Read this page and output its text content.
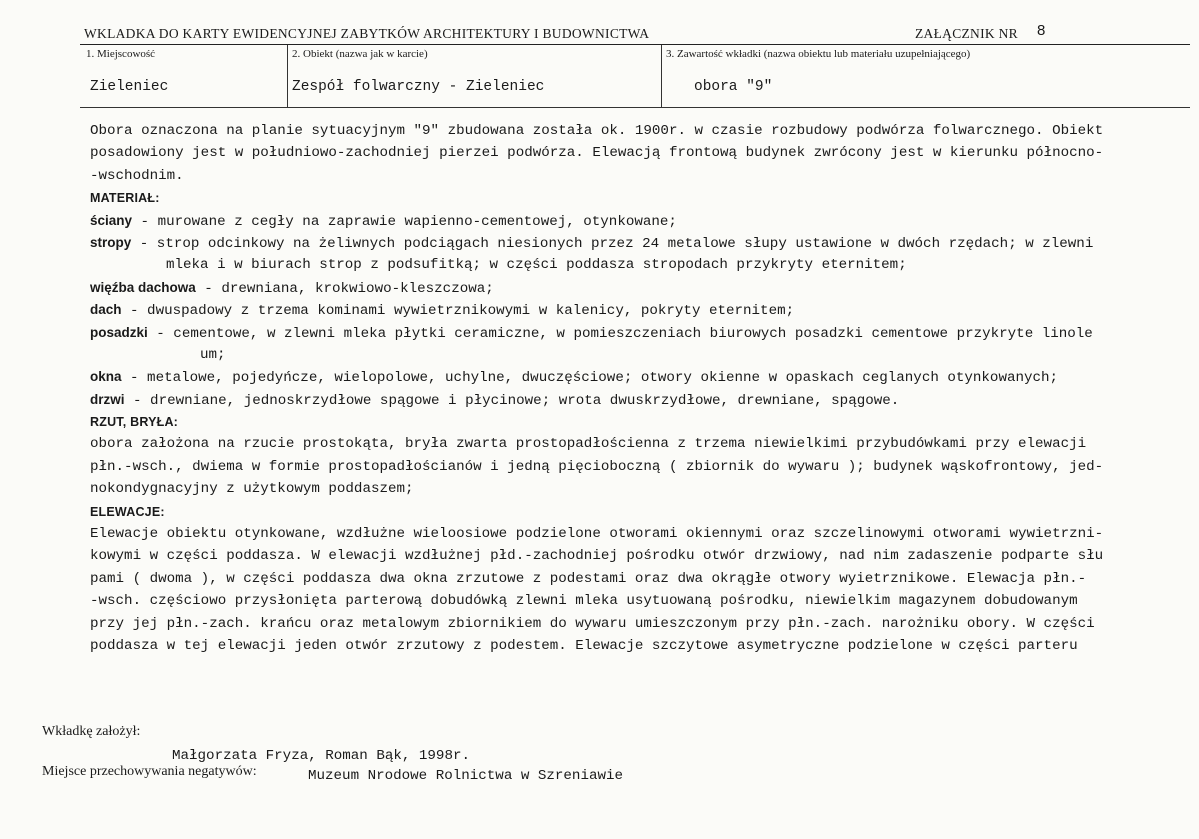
WKLADKA DO KARTY EWIDENCYJNEJ ZABYTKÓW ARCHITEKTURY I BUDOWNICTWA	ZAŁĄCZNIK NR 8
1. Miejscowość
Zieleniec
2. Obiekt (nazwa jak w karcie)
Zespół folwarczny - Zieleniec
3. Zawartość wkładki (nazwa obiektu lub materiału uzupełniającego)
obora "9"
Obora oznaczona na planie sytuacyjnym "9" zbudowana została ok. 1900r. w czasie rozbudowy podwórza folwarcznego. Obiekt
posadowiony jest w południowo-zachodniej pierzei podwórza. Elewacją frontową budynek zwrócony jest w kierunku północno-
-wschodnim.
MATERIAŁ:
ściany - murowane z cegły na zaprawie wapienno-cementowej, otynkowane;
stropy - strop odcinkowy na żeliwnych podciągach niesionych przez 24 metalowe słupy ustawione w dwóch rzędach; w zlewni
mleka i w biurach strop z podsufitką; w części poddasza stropodach przykryty eternitem;
więźba dachowa - drewniana, krokwiowo-kleszczowa;
dach - dwuspadowy z trzema kominami wywietrznikowymi w kalenicy, pokryty eternitem;
posadzki - cementowe, w zlewni mleka płytki ceramiczne, w pomieszczeniach biurowych posadzki cementowe przykryte linole
um;
okna - metalowe, pojedyńcze, wielopolowe, uchylne, dwuczęściowe; otwory okienne w opaskach ceglanych otynkowanych;
drzwi - drewniane, jednoskrzydłowe spągowe i płycinowe; wrota dwuskrzydłowe, drewniane, spągowe.
RZUT, BRYŁA:
obora założona na rzucie prostokąta, bryła zwarta prostopadłościenna z trzema niewielkimi przybudówkami przy elewacji
płn.-wsch., dwiema w formie prostopadłościanów i jedną pięcioboczną ( zbiornik do wywaru ); budynek wąskofrontowy, jed-
nokondygnacyjny z użytkowym poddaszem;
ELEWACJE:
Elewacje obiektu otynkowane, wzdłużne wieloosiowe podzielone otworami okiennymi oraz szczelinowymi otworami wywietrzni-
kowymi w części poddasza. W elewacji wzdłużnej płd.-zachodniej pośrodku otwór drzwiowy, nad nim zadaszenie podparte słu
pami ( dwoma ), w części poddasza dwa okna zrzutowe z podestami oraz dwa okrągłe otwory wyietrznikowe. Elewacja płn.-
-wsch. częściowo przysłonięta parterową dobudówką zlewni mleka usytuowaną pośrodku, niewielkim magazynem dobudowanym
przy jej płn.-zach. krańcu oraz metalowym zbiornikiem do wywaru umieszczonym przy płn.-zach. narożniku obory. W części
poddasza w tej elewacji jeden otwór zrzutowy z podestem. Elewacje szczytowe asymetryczne podzielone w części parteru
Wkładkę założył:
Małgorzata Fryza, Roman Bąk, 1998r.
Miejsce przechowywania negatywów:	Muzeum Nrodowe Rolnictwa w Szreniawie
